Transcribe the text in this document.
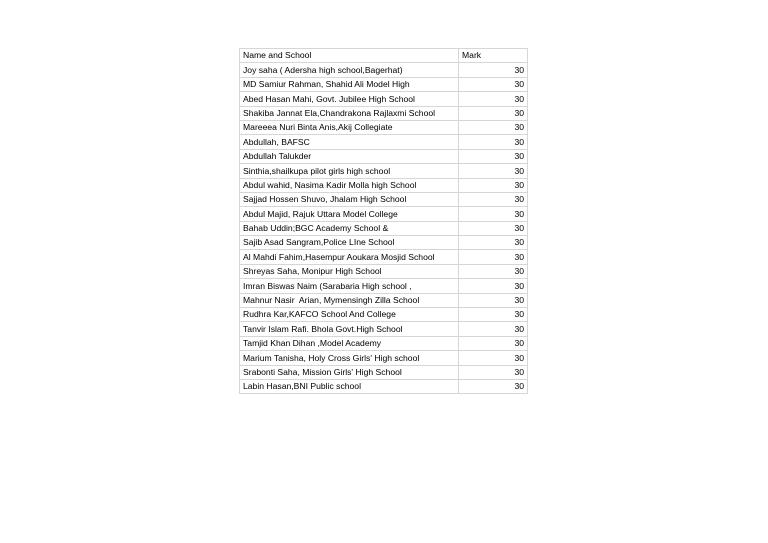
Name and School	Mark
Joy saha ( Adersha high school,Bagerhat)	30
MD Samiur Rahman, Shahid Ali Model High	30
Abed Hasan Mahi, Govt. Jubilee High School	30
Shakiba Jannat Ela,Chandrakona Rajlaxmi School	30
Mareeea Nuri Binta Anis,Akij Collegiate	30
Abdullah, BAFSC	30
Abdullah Talukder	30
Sinthia,shailkupa pilot girls high school	30
Abdul wahid, Nasima Kadir Molla high School	30
Sajjad Hossen Shuvo, Jhalam High School	30
Abdul Majid, Rajuk Uttara Model College	30
Bahab Uddin;BGC Academy School &	30
Sajib Asad Sangram,Police LIne School	30
Al Mahdi Fahim,Hasempur Aoukara Mosjid School	30
Shreyas Saha, Monipur High School	30
Imran Biswas Naim (Sarabaria High school ,	30
Mahnur Nasir  Arian, Mymensingh Zilla School	30
Rudhra Kar,KAFCO School And College	30
Tanvir Islam Rafi. Bhola Govt.High School	30
Tamjid Khan Dihan ,Model Academy	30
Marium Tanisha, Holy Cross Girls' High school	30
Srabonti Saha, Mission Girls' High School	30
Labin Hasan,BNI Public school	30
